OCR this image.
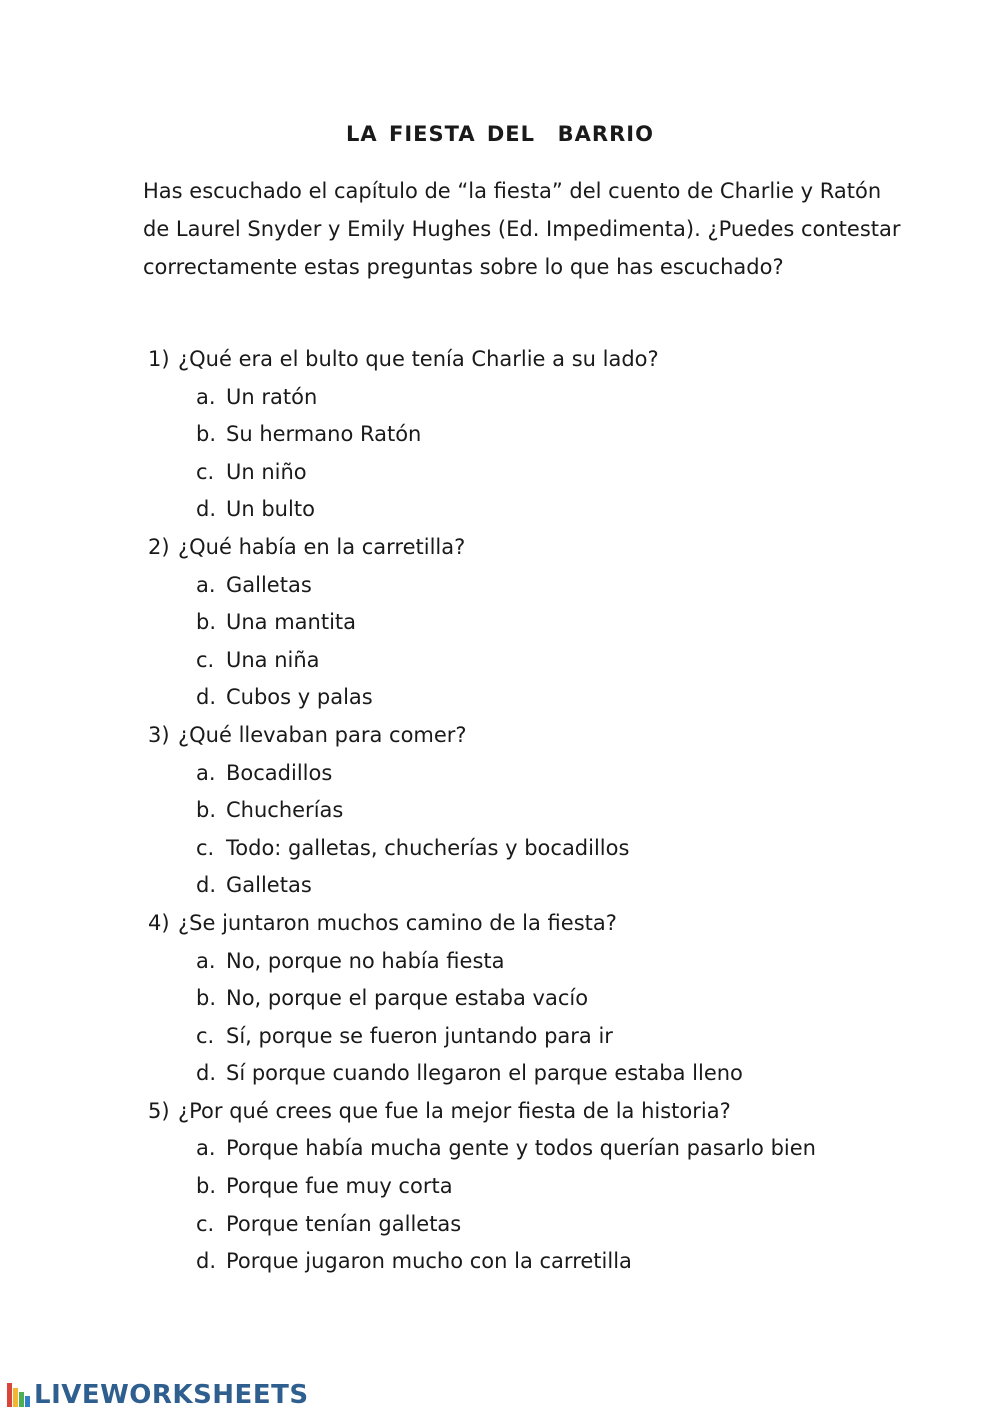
LA FIESTA DEL  BARRIO

Has escuchado el capítulo de “la fiesta” del cuento de Charlie y Ratón de Laurel Snyder y Emily Hughes (Ed. Impedimenta). ¿Puedes contestar correctamente estas preguntas sobre lo que has escuchado?

1) ¿Qué era el bulto que tenía Charlie a su lado?
a. Un ratón
b. Su hermano Ratón
c. Un niño
d. Un bulto
2) ¿Qué había en la carretilla?
a. Galletas
b. Una mantita
c. Una niña
d. Cubos y palas
3) ¿Qué llevaban para comer?
a. Bocadillos
b. Chucherías
c. Todo: galletas, chucherías y bocadillos
d. Galletas
4) ¿Se juntaron muchos camino de la fiesta?
a. No, porque no había fiesta
b. No, porque el parque estaba vacío
c. Sí, porque se fueron juntando para ir
d. Sí porque cuando llegaron el parque estaba lleno
5) ¿Por qué crees que fue la mejor fiesta de la historia?
a. Porque había mucha gente y todos querían pasarlo bien
b. Porque fue muy corta
c. Porque tenían galletas
d. Porque jugaron mucho con la carretilla
LIVEWORKSHEETS
